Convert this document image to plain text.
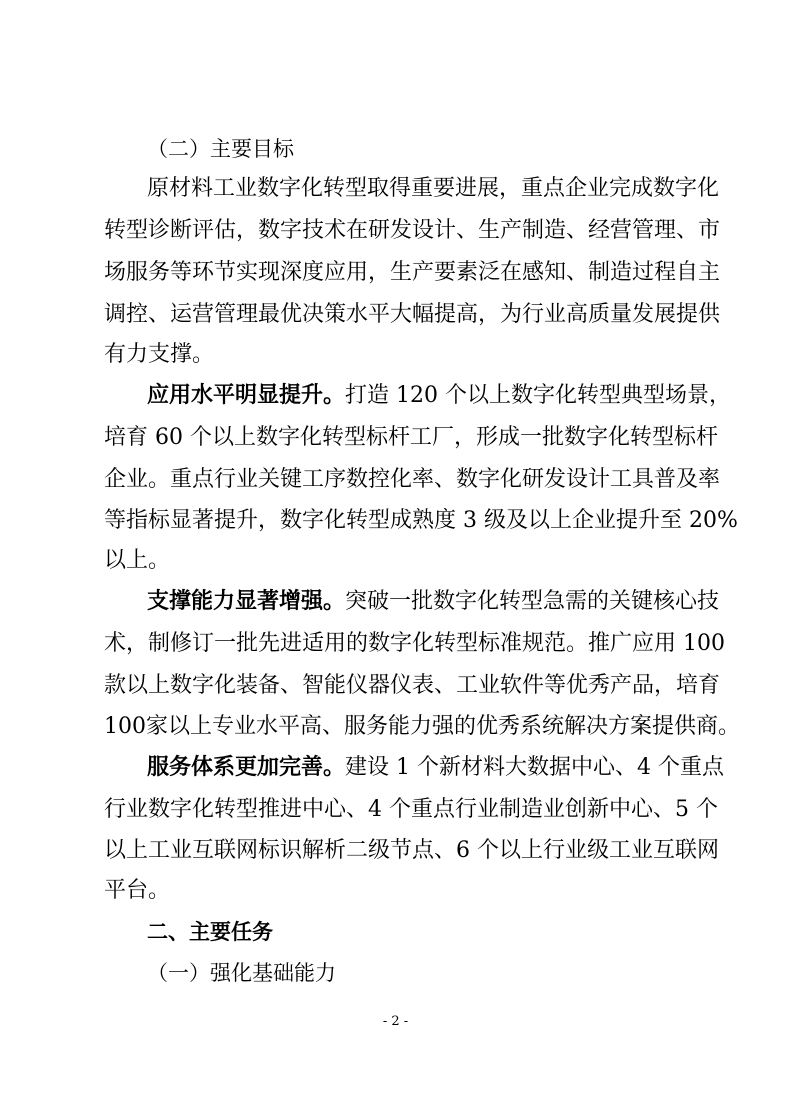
（二）主要目标
原材料工业数字化转型取得重要进展，重点企业完成数字化
转型诊断评估，数字技术在研发设计、生产制造、经营管理、市
场服务等环节实现深度应用，生产要素泛在感知、制造过程自主
调控、运营管理最优决策水平大幅提高，为行业高质量发展提供
有力支撑。
应用水平明显提升。打造 120 个以上数字化转型典型场景，
培育 60 个以上数字化转型标杆工厂，形成一批数字化转型标杆
企业。重点行业关键工序数控化率、数字化研发设计工具普及率
等指标显著提升，数字化转型成熟度 3 级及以上企业提升至 20%
以上。
支撑能力显著增强。突破一批数字化转型急需的关键核心技
术，制修订一批先进适用的数字化转型标准规范。推广应用 100
款以上数字化装备、智能仪器仪表、工业软件等优秀产品，培育
100家以上专业水平高、服务能力强的优秀系统解决方案提供商。
服务体系更加完善。建设 1 个新材料大数据中心、4 个重点
行业数字化转型推进中心、4 个重点行业制造业创新中心、5 个
以上工业互联网标识解析二级节点、6 个以上行业级工业互联网
平台。
二、主要任务
（一）强化基础能力
- 2 -
